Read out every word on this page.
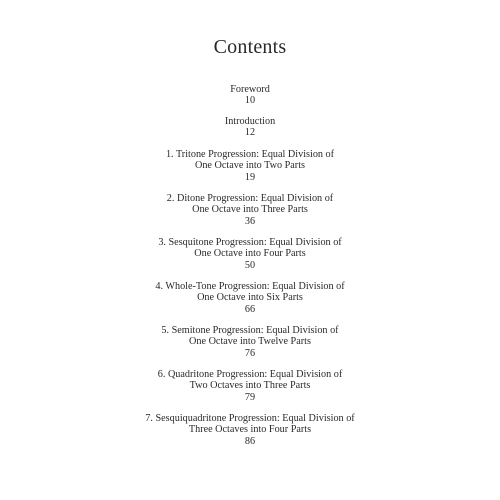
Contents
Foreword
10
Introduction
12
1. Tritone Progression: Equal Division of
One Octave into Two Parts
19
2. Ditone Progression: Equal Division of
One Octave into Three Parts
36
3. Sesquitone Progression: Equal Division of
One Octave into Four Parts
50
4. Whole-Tone Progression: Equal Division of
One Octave into Six Parts
66
5. Semitone Progression: Equal Division of
One Octave into Twelve Parts
76
6. Quadritone Progression: Equal Division of
Two Octaves into Three Parts
79
7. Sesquiquadritone Progression: Equal Division of
Three Octaves into Four Parts
86
